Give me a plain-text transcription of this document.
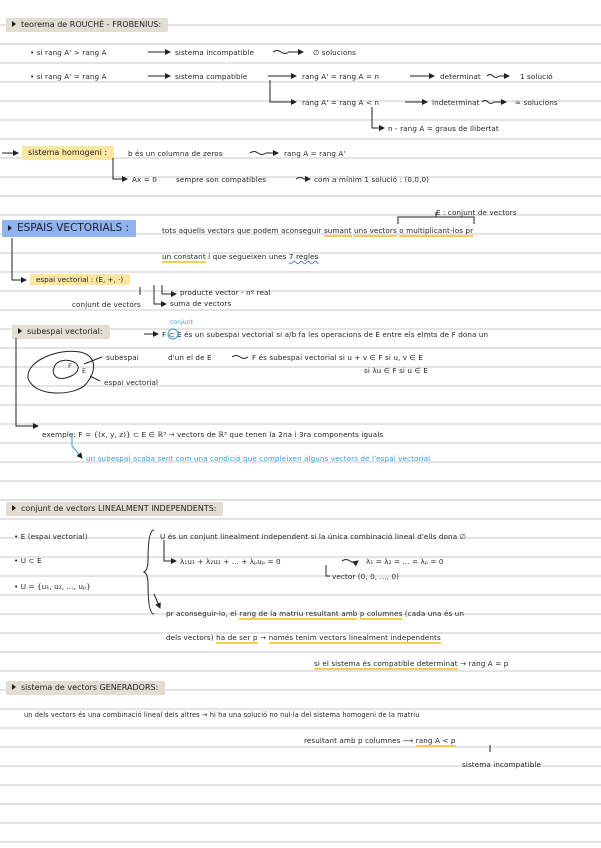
teorema de ROUCHÉ - FROBENIUS:
• si rang A' > rang A	sistema incompatible	∅ solucions
• si rang A' = rang A	sistema compatible	rang A' = rang A = n	determinat	1 solució
rang A' = rang A < n	indeterminat	∞ solucions
n - rang A = graus de llibertat
sistema homogeni :	b és un columna de zeros	rang A = rang A'
Ax = 0	sempre son compatibles	com a mínim 1 solució : (0,0,0)
ESPAIS VECTORIALS :
E : conjunt de vectors
tots aquells vectors que podem aconseguir sumant uns vectors o multiplicant-los pr
un constant i que segueixen unes 7 regles
espai vectorial : (E, +, ·)
producte vector - nº real
suma de vectors
conjunt de vectors
subespai vectorial:
conjunt
F ⊂ E és un subespai vectorial si a/b fa les operacions de E entre els elmts de F dona un
subespai
espai vectorial
F
E
d'un el de E	F és subespai vectorial si u + v ∈ F si u, v ∈ E
si λu ∈ F si u ∈ E
exemple: F = {(x, y, z)} ⊂ E ∈ ℝ³ → vectors de ℝ³ que tenen la 2na i 3ra components iguals
un subespai acaba sent com una condició que compleixen alguns vectors de l'espai vectorial
conjunt de vectors LINEALMENT INDEPENDENTS:
• E (espai vectorial)
• U ⊂ E
• U = {u₁, u₂, ..., uₚ}
U és un conjunt linealment independent si la única combinació lineal d'ells dona ∅
λ₁u₁ + λ₂u₂ + ... + λₚuₚ = 0	λ₁ = λ₂ = ... = λₚ = 0
vector (0, 0, ..., 0)
pr aconseguir-lo, el rang de la matriu resultant amb p columnes (cada una és un
dels vectors) ha de ser p → només tenim vectors linealment independents
si el sistema és compatible determinat → rang A = p
sistema de vectors GENERADORS:
un dels vectors és una combinació lineal dels altres → hi ha una solució no nul·la del sistema homogeni de la matriu
resultant amb p columnes ⟿ rang A < p
sistema incompatible
